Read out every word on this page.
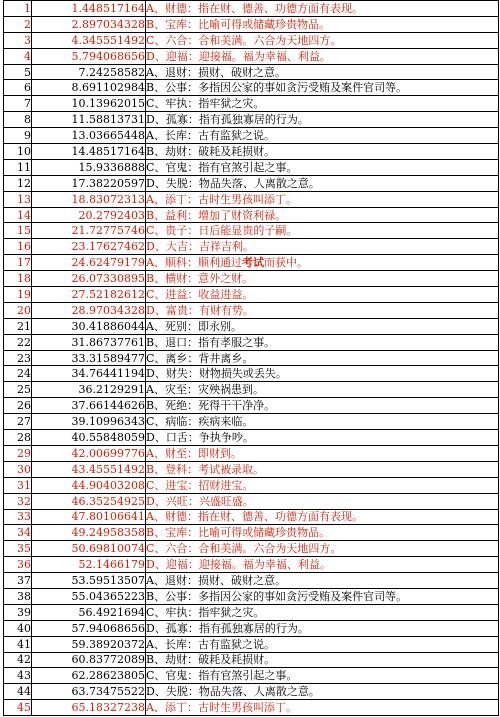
1	1.448517164	A、财德：指在财、德善、功德方面有表现。
2	2.897034328	B、宝库：比喻可得或储藏珍贵物品。
3	4.345551492	C、六合：合和美满。六合为天地四方。
4	5.794068656	D、迎福：迎接福。福为幸福、利益。
5	7.24258582	A、退财：损财、破财之意。
6	8.691102984	B、公事：多指因公家的事如贪污受贿及案件官司等。
7	10.13962015	C、牢执：指牢狱之灾。
8	11.58813731	D、孤寡：指有孤独寡居的行为。
9	13.03665448	A、长库：古有监狱之说。
10	14.48517164	B、劫财：破耗及耗损财。
11	15.9336888	C、官鬼：指有官煞引起之事。
12	17.38220597	D、失脱：物品失落、人离散之意。
13	18.83072313	A、添丁：古时生男孩叫添丁。
14	20.2792403	B、益利：增加了财资利禄。
15	21.72775746	C、贵子：日后能显贵的子嗣。
16	23.17627462	D、大吉：吉祥吉利。
17	24.62479179	A、顺科：顺利通过考试而获中。
18	26.07330895	B、横财：意外之财。
19	27.52182612	C、进益：收益进益。
20	28.97034328	D、富贵：有财有势。
21	30.41886044	A、死别：即永别。
22	31.86737761	B、退口：指有孝服之事。
23	33.31589477	C、离乡：背井离乡。
24	34.76441194	D、财失：财物损失或丢失。
25	36.2129291	A、灾至：灾殃祸患到。
26	37.66144626	B、死绝：死得干干净净。
27	39.10996343	C、病临：疾病来临。
28	40.55848059	D、口舌：争执争吵。
29	42.00699776	A、财至：即财到。
30	43.45551492	B、登科：考试被录取。
31	44.90403208	C、进宝：招财进宝。
32	46.35254925	D、兴旺：兴盛旺盛。
33	47.80106641	A、财德：指在财、德善、功德方面有表现。
34	49.24958358	B、宝库：比喻可得或储藏珍贵物品。
35	50.69810074	C、六合：合和美满。六合为天地四方。
36	52.1466179	D、迎福：迎接福。福为幸福、利益。
37	53.59513507	A、退财：损财、破财之意。
38	55.04365223	B、公事：多指因公家的事如贪污受贿及案件官司等。
39	56.4921694	C、牢执：指牢狱之灾。
40	57.94068656	D、孤寡：指有孤独寡居的行为。
41	59.38920372	A、长库：古有监狱之说。
42	60.83772089	B、劫财：破耗及耗损财。
43	62.28623805	C、官鬼：指有官煞引起之事。
44	63.73475522	D、失脱：物品失落、人离散之意。
45	65.18327238	A、添丁：古时生男孩叫添丁。
